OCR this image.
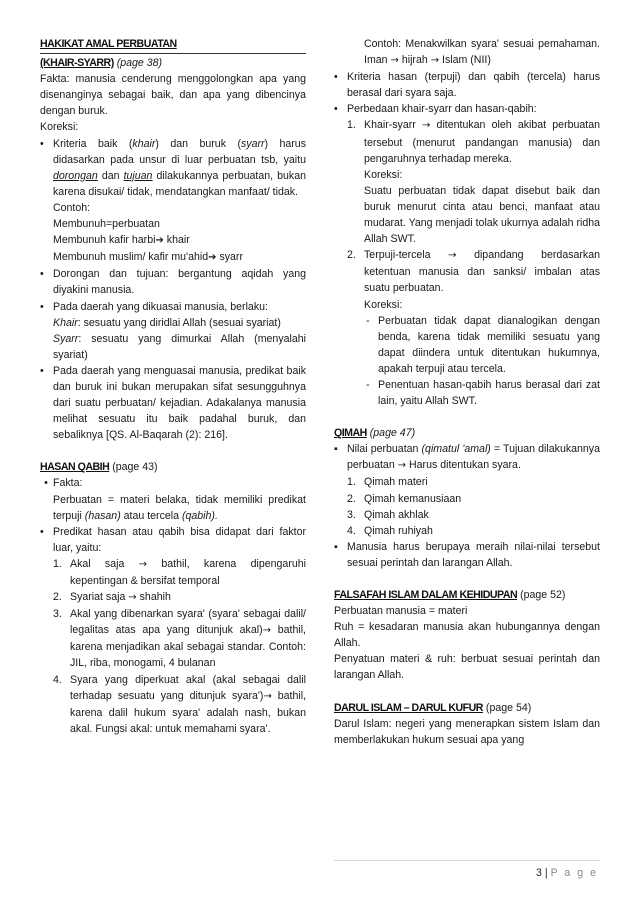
HAKIKAT AMAL PERBUATAN
(KHAIR-SYARR) (page 38)
Fakta: manusia cenderung menggolongkan apa yang disenanginya sebagai baik, dan apa yang dibencinya dengan buruk.
Koreksi:
• Kriteria baik (khair) dan buruk (syarr) harus didasarkan pada unsur di luar perbuatan tsb, yaitu dorongan dan tujuan dilakukannya perbuatan, bukan karena disukai/ tidak, mendatangkan manfaat/ tidak.
Contoh:
Membunuh=perbuatan
Membunuh kafir harbi➔ khair
Membunuh muslim/ kafir mu'ahid➔ syarr
• Dorongan dan tujuan: bergantung aqidah yang diyakini manusia.
• Pada daerah yang dikuasai manusia, berlaku:
Khair: sesuatu yang diridlai Allah (sesuai syariat)
Syarr: sesuatu yang dimurkai Allah (menyalahi syariat)
• Pada daerah yang menguasai manusia, predikat baik dan buruk ini bukan merupakan sifat sesungguhnya dari suatu perbuatan/ kejadian. Adakalanya manusia melihat sesuatu itu baik padahal buruk, dan sebaliknya [QS. Al-Baqarah (2): 216].
HASAN QABIH (page 43)
• Fakta:
Perbuatan = materi belaka, tidak memiliki predikat terpuji (hasan) atau tercela (qabih).
• Predikat hasan atau qabih bisa didapat dari faktor luar, yaitu:
1. Akal saja → bathil, karena dipengaruhi kepentingan & bersifat temporal
2. Syariat saja → shahih
3. Akal yang dibenarkan syara' (syara' sebagai dalil/ legalitas atas apa yang ditunjuk akal)→ bathil, karena menjadikan akal sebagai standar. Contoh: JIL, riba, monogami, 4 bulanan
4. Syara yang diperkuat akal (akal sebagai dalil terhadap sesuatu yang ditunjuk syara')→ bathil, karena dalil hukum syara' adalah nash, bukan akal. Fungsi akal: untuk memahami syara'.
Contoh: Menakwilkan syara' sesuai pemahaman. Iman → hijrah → Islam (NII)
• Kriteria hasan (terpuji) dan qabih (tercela) harus berasal dari syara saja.
• Perbedaan khair-syarr dan hasan-qabih:
1. Khair-syarr → ditentukan oleh akibat perbuatan tersebut (menurut pandangan manusia) dan pengaruhnya terhadap mereka.
Koreksi:
Suatu perbuatan tidak dapat disebut baik dan buruk menurut cinta atau benci, manfaat atau mudarat. Yang menjadi tolak ukurnya adalah ridha Allah SWT.
2. Terpuji-tercela → dipandang berdasarkan ketentuan manusia dan sanksi/ imbalan atas suatu perbuatan.
Koreksi:
- Perbuatan tidak dapat dianalogikan dengan benda, karena tidak memiliki sesuatu yang dapat diindera untuk ditentukan hukumnya, apakah terpuji atau tercela.
- Penentuan hasan-qabih harus berasal dari zat lain, yaitu Allah SWT.
QIMAH (page 47)
▪ Nilai perbuatan (qimatul 'amal) = Tujuan dilakukannya perbuatan → Harus ditentukan syara.
1. Qimah materi
2. Qimah kemanusiaan
3. Qimah akhlak
4. Qimah ruhiyah
▪ Manusia harus berupaya meraih nilai-nilai tersebut sesuai perintah dan larangan Allah.
FALSAFAH ISLAM DALAM KEHIDUPAN (page 52)
Perbuatan manusia = materi
Ruh = kesadaran manusia akan hubungannya dengan Allah.
Penyatuan materi & ruh: berbuat sesuai perintah dan larangan Allah.
DARUL ISLAM – DARUL KUFUR (page 54)
Darul Islam: negeri yang menerapkan sistem Islam dan memberlakukan hukum sesuai apa yang
3 | P a g e
